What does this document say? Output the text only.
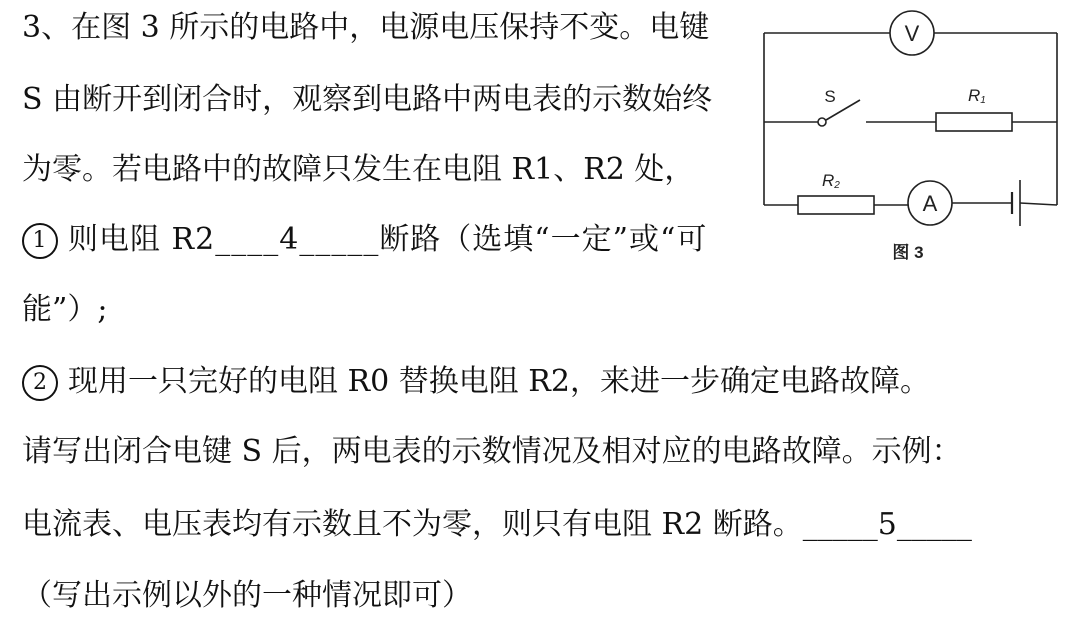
3、在图 3 所示的电路中，电源电压保持不变。电键

S 由断开到闭合时，观察到电路中两电表的示数始终

为零。若电路中的故障只发生在电阻 R1、R2 处，

1 则电阻 R2____4_____断路（选填“一定”或“可

能”）;

2 现用一只完好的电阻 R0 替换电阻 R2，来进一步确定电路故障。

请写出闭合电键 S 后，两电表的示数情况及相对应的电路故障。示例：

电流表、电压表均有示数且不为零，则只有电阻 R2 断路。_____5_____

（写出示例以外的一种情况即可）

V
A
S	R1
R2
图 3
